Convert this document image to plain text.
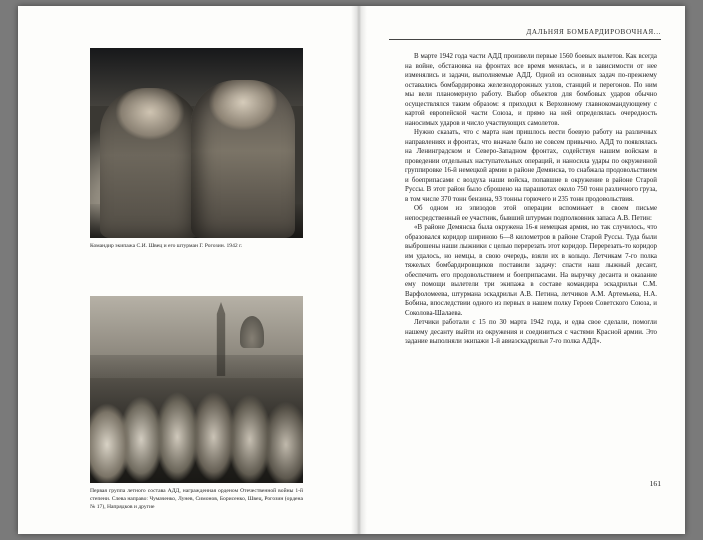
Командир экипажа С.И. Швец и его штурман Г. Рогозин. 1942 г.
Первая группа летного состава АДД, награжденная орденом Отечественной войны 1-й степени. Слева направо: Чумаченко, Лунев, Симонов, Борисенко, Швец, Рогозин (ордена № 17), Напрядков и другие
ДАЛЬНЯЯ БОМБАРДИРОВОЧНАЯ...

В марте 1942 года части АДД произвели первые 1560 боевых вылетов. Как всегда на войне, обстановка на фронтах все время менялась, и в зависимости от нее изменялись и задачи, выполняемые АДД. Одной из основных задач по-прежнему оставались бомбардировка железнодорожных узлов, станций и перегонов. По ним мы вели планомерную работу. Выбор объектов для бомбовых ударов обычно осуществлялся таким образом: я приходил к Верховному главнокомандующему с картой европейской части Союза, и прямо на ней определялась очередность наносимых ударов и число участвующих самолетов.

Нужно сказать, что с марта нам пришлось вести боевую работу на различных направлениях и фронтах, что вначале было не совсем привычно. АДД то появлялась на Ленинградском и Северо-Западном фронтах, содействуя нашим войскам в проведении отдельных наступательных операций, и наносила удары по окруженной группировке 16-й немецкой армии в районе Демянска, то снабжала продовольствием и боеприпасами с воздуха наши войска, попавшие в окружение в районе Старой Руссы. В этот район было сброшено на парашютах около 750 тонн различного груза, в том числе 370 тонн бензина, 93 тонны горючего и 235 тонн продовольствия.

Об одном из эпизодов этой операции вспоминает в своем письме непосредственный ее участник, бывший штурман подполковник запаса А.В. Петин:

«В районе Демянска была окружена 16-я немецкая армия, но так случилось, что образовался коридор шириною 6—8 километров в районе Старой Руссы. Туда были выброшены наши лыжники с целью перерезать этот коридор. Перерезать-то коридор им удалось, но немцы, в свою очередь, взяли их в кольцо. Летчикам 7-го полка тяжелых бомбардировщиков поставили задачу: спасти наш лыжный десант, обеспечить его продовольствием и боеприпасами. На выручку десанта и оказание ему помощи вылетели три экипажа в составе командира эскадрильи С.М. Варфоломеева, штурмана эскадрильи А.В. Петина, летчиков А.М. Артемьева, Н.А. Бобина, впоследствии одного из первых в нашем полку Героев Советского Союза, и Соколова-Шалаева.

Летчики работали с 15 по 30 марта 1942 года, и едва свое сделали, помогли нашему десанту выйти из окружения и соединиться с частями Красной армии. Это задание выполняли экипажи 1-й авиаэскадрильи 7-го полка АДД».

161
